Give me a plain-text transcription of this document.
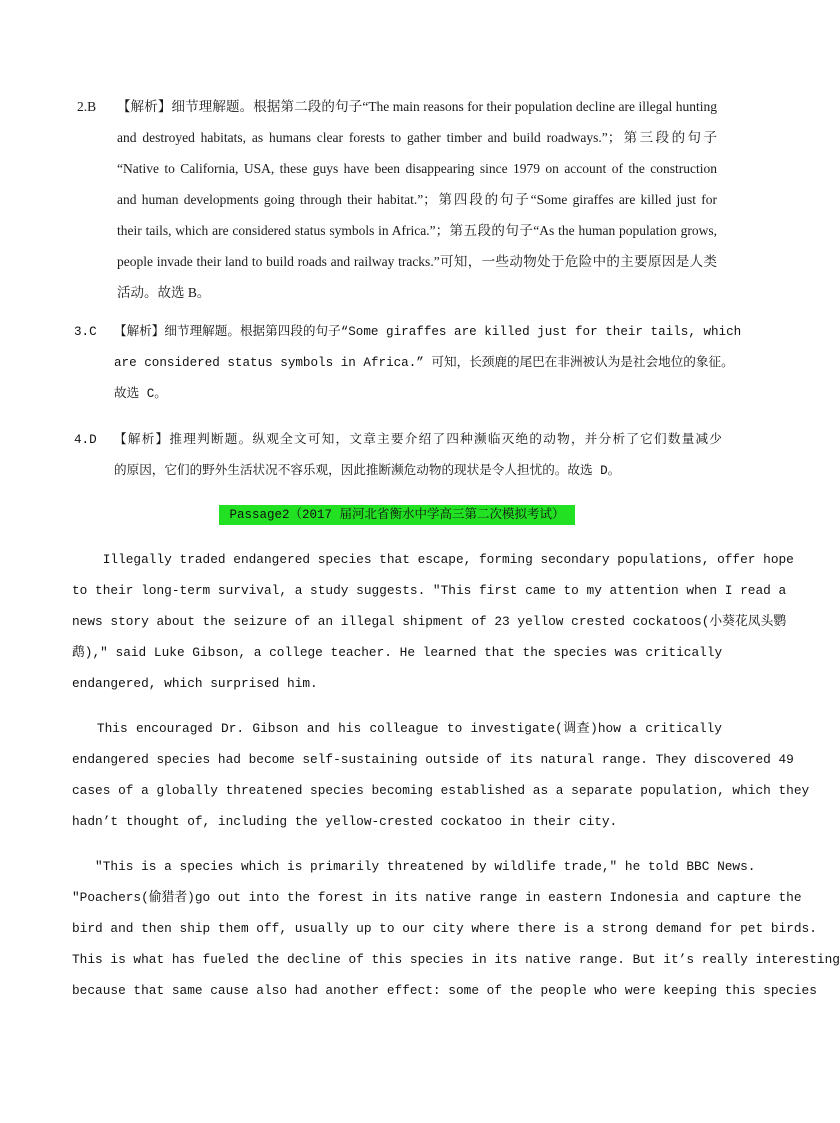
2.B 【解析】细节理解题。根据第二段的句子“The main reasons for their population decline are illegal hunting
and destroyed habitats, as humans clear forests to gather timber and build roadways.”；第三段的句子
“Native to California, USA, these guys have been disappearing since 1979 on account of the construction
and human developments going through their habitat.”；第四段的句子“Some giraffes are killed just for
their tails, which are considered status symbols in Africa.”；第五段的句子“As the human population grows,
people invade their land to build roads and railway tracks.”可知，一些动物处于危险中的主要原因是人类
活动。故选 B。
3.C 【解析】细节理解题。根据第四段的句子“Some giraffes are killed just for their tails, which
are considered status symbols in Africa.” 可知，长颈鹿的尾巴在非洲被认为是社会地位的象征。
故选 C。
4.D 【解析】推理判断题。纵观全文可知，文章主要介绍了四种濒临灭绝的动物，并分析了它们数量减少
的原因，它们的野外生活状况不容乐观，因此推断濒危动物的现状是令人担忧的。故选 D。
Passage2（2017 届河北省衡水中学高三第二次模拟考试）
Illegally traded endangered species that escape, forming secondary populations, offer hope
to their long-term survival, a study suggests. "This first came to my attention when I read a
news story about the seizure of an illegal shipment of 23 yellow crested cockatoos(小葵花凤头鹦
鹉)," said Luke Gibson, a college teacher. He learned that the species was critically
endangered, which surprised him.
This encouraged Dr. Gibson and his colleague to investigate(调查)how a critically
endangered species had become self-sustaining outside of its natural range. They discovered 49
cases of a globally threatened species becoming established as a separate population, which they
hadn’t thought of, including the yellow-crested cockatoo in their city.
"This is a species which is primarily threatened by wildlife trade," he told BBC News.
"Poachers(偷猎者)go out into the forest in its native range in eastern Indonesia and capture the
bird and then ship them off, usually up to our city where there is a strong demand for pet birds.
This is what has fueled the decline of this species in its native range. But it’s really interesting
because that same cause also had another effect: some of the people who were keeping this species
